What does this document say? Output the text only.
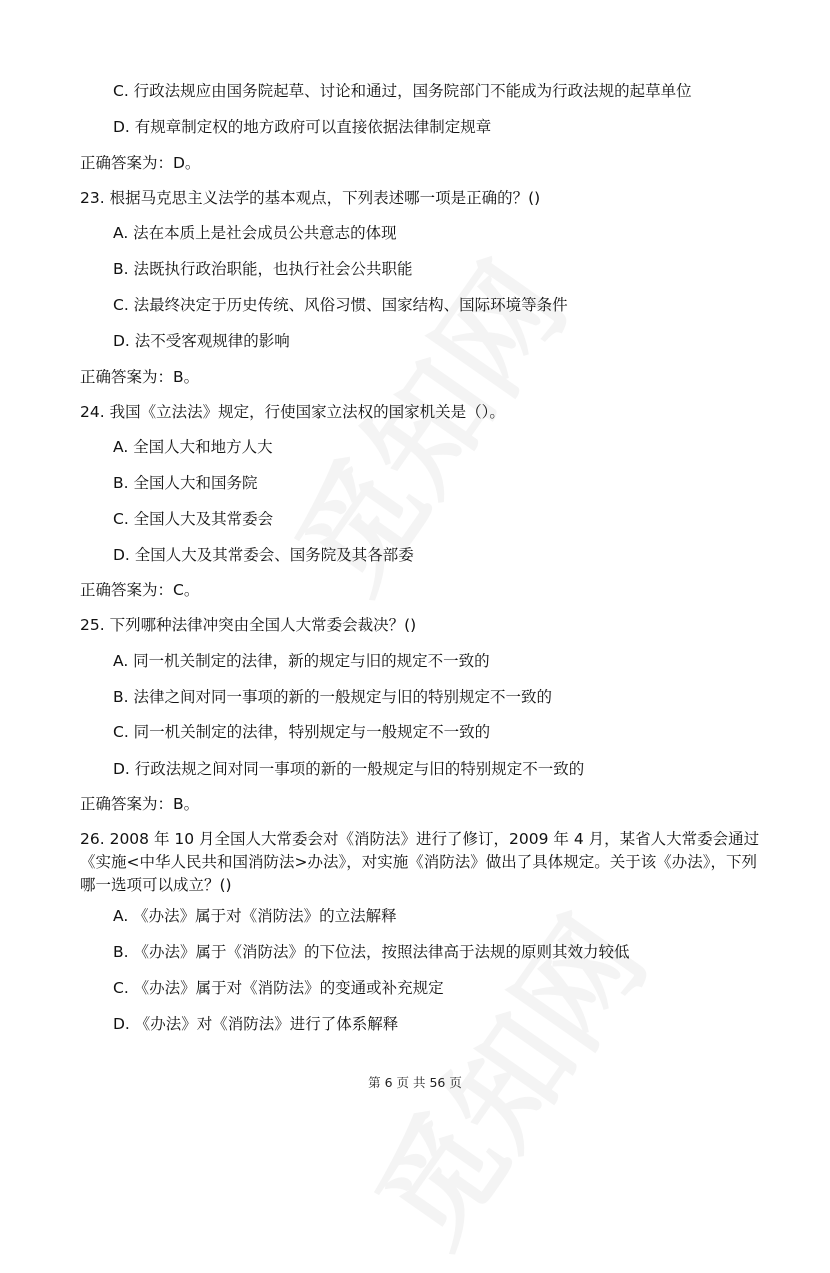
C. 行政法规应由国务院起草、讨论和通过，国务院部门不能成为行政法规的起草单位
D. 有规章制定权的地方政府可以直接依据法律制定规章
正确答案为：D。
23. 根据马克思主义法学的基本观点，下列表述哪一项是正确的？()
A. 法在本质上是社会成员公共意志的体现
B. 法既执行政治职能，也执行社会公共职能
C. 法最终决定于历史传统、风俗习惯、国家结构、国际环境等条件
D. 法不受客观规律的影响
正确答案为：B。
24. 我国《立法法》规定，行使国家立法权的国家机关是（）。
A. 全国人大和地方人大
B. 全国人大和国务院
C. 全国人大及其常委会
D. 全国人大及其常委会、国务院及其各部委
正确答案为：C。
25. 下列哪种法律冲突由全国人大常委会裁决？()
A. 同一机关制定的法律，新的规定与旧的规定不一致的
B. 法律之间对同一事项的新的一般规定与旧的特别规定不一致的
C. 同一机关制定的法律，特别规定与一般规定不一致的
D. 行政法规之间对同一事项的新的一般规定与旧的特别规定不一致的
正确答案为：B。
26. 2008 年 10 月全国人大常委会对《消防法》进行了修订，2009 年 4 月，某省人大常委会通过《实施<中华人民共和国消防法>办法》，对实施《消防法》做出了具体规定。关于该《办法》，下列哪一选项可以成立？()
A. 《办法》属于对《消防法》的立法解释
B. 《办法》属于《消防法》的下位法，按照法律高于法规的原则其效力较低
C. 《办法》属于对《消防法》的变通或补充规定
D. 《办法》对《消防法》进行了体系解释
第 6 页 共 56 页
